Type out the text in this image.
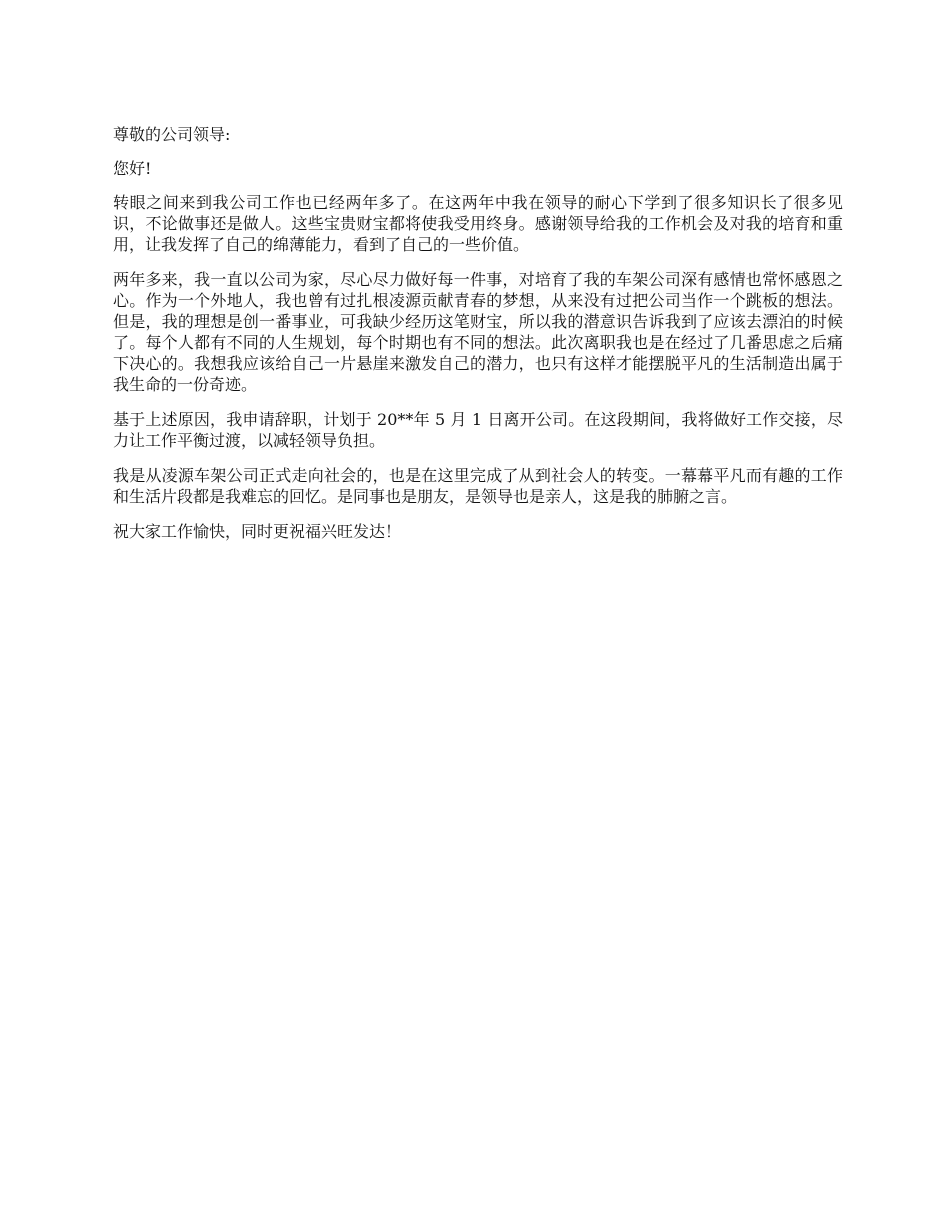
尊敬的公司领导:

您好!

转眼之间来到我公司工作也已经两年多了。在这两年中我在领导的耐心下学到了很多知识长了很多见识，不论做事还是做人。这些宝贵财宝都将使我受用终身。感谢领导给我的工作机会及对我的培育和重用，让我发挥了自己的绵薄能力，看到了自己的一些价值。

两年多来，我一直以公司为家，尽心尽力做好每一件事，对培育了我的车架公司深有感情也常怀感恩之心。作为一个外地人，我也曾有过扎根凌源贡献青春的梦想，从来没有过把公司当作一个跳板的想法。但是，我的理想是创一番事业，可我缺少经历这笔财宝，所以我的潜意识告诉我到了应该去漂泊的时候了。每个人都有不同的人生规划，每个时期也有不同的想法。此次离职我也是在经过了几番思虑之后痛下决心的。我想我应该给自己一片悬崖来激发自己的潜力，也只有这样才能摆脱平凡的生活制造出属于我生命的一份奇迹。

基于上述原因，我申请辞职，计划于 20**年 5 月 1 日离开公司。在这段期间，我将做好工作交接，尽力让工作平衡过渡，以减轻领导负担。

我是从凌源车架公司正式走向社会的，也是在这里完成了从到社会人的转变。一幕幕平凡而有趣的工作和生活片段都是我难忘的回忆。是同事也是朋友，是领导也是亲人，这是我的肺腑之言。

祝大家工作愉快，同时更祝福兴旺发达！
